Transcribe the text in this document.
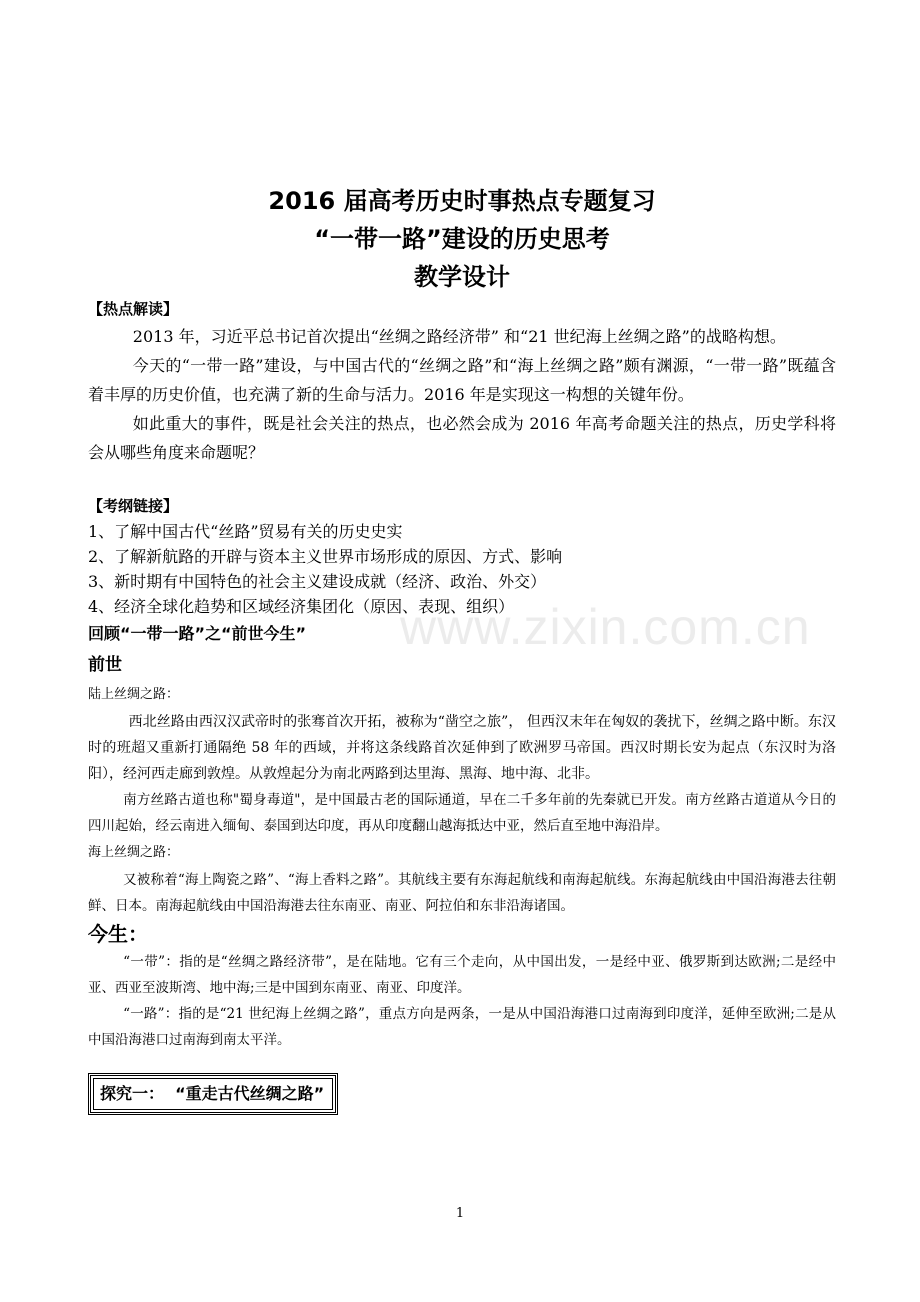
www.zixin.com.cn
2016 届高考历史时事热点专题复习
“一带一路”建设的历史思考
教学设计
【热点解读】

2013 年，习近平总书记首次提出“丝绸之路经济带” 和“21 世纪海上丝绸之路”的战略构想。

今天的“一带一路”建设，与中国古代的“丝绸之路”和“海上丝绸之路”颇有渊源，“一带一路”既蕴含着丰厚的历史价值，也充满了新的生命与活力。2016 年是实现这一构想的关键年份。

如此重大的事件，既是社会关注的热点，也必然会成为 2016 年高考命题关注的热点，历史学科将会从哪些角度来命题呢？

【考纲链接】
1、了解中国古代“丝路”贸易有关的历史史实
2、了解新航路的开辟与资本主义世界市场形成的原因、方式、影响
3、新时期有中国特色的社会主义建设成就（经济、政治、外交）
4、经济全球化趋势和区域经济集团化（原因、表现、组织）
回顾“一带一路”之“前世今生”
前世
陆上丝绸之路：

西北丝路由西汉汉武帝时的张骞首次开拓，被称为“凿空之旅”， 但西汉末年在匈奴的袭扰下，丝绸之路中断。东汉时的班超又重新打通隔绝 58 年的西域，并将这条线路首次延伸到了欧洲罗马帝国。西汉时期长安为起点（东汉时为洛阳），经河西走廊到敦煌。从敦煌起分为南北两路到达里海、黑海、地中海、北非。

南方丝路古道也称"蜀身毒道"，是中国最古老的国际通道，早在二千多年前的先秦就已开发。南方丝路古道道从今日的四川起始，经云南进入缅甸、泰国到达印度，再从印度翻山越海抵达中亚，然后直至地中海沿岸。

海上丝绸之路：

又被称着“海上陶瓷之路”、“海上香料之路”。其航线主要有东海起航线和南海起航线。东海起航线由中国沿海港去往朝鲜、日本。南海起航线由中国沿海港去往东南亚、南亚、阿拉伯和东非沿海诸国。

今生：

“一带”：指的是“丝绸之路经济带”，是在陆地。它有三个走向，从中国出发，一是经中亚、俄罗斯到达欧洲;二是经中亚、西亚至波斯湾、地中海;三是中国到东南亚、南亚、印度洋。

“一路”：指的是“21 世纪海上丝绸之路”，重点方向是两条，一是从中国沿海港口过南海到印度洋，延伸至欧洲;二是从中国沿海港口过南海到南太平洋。

探究一：  “重走古代丝绸之路”
1
